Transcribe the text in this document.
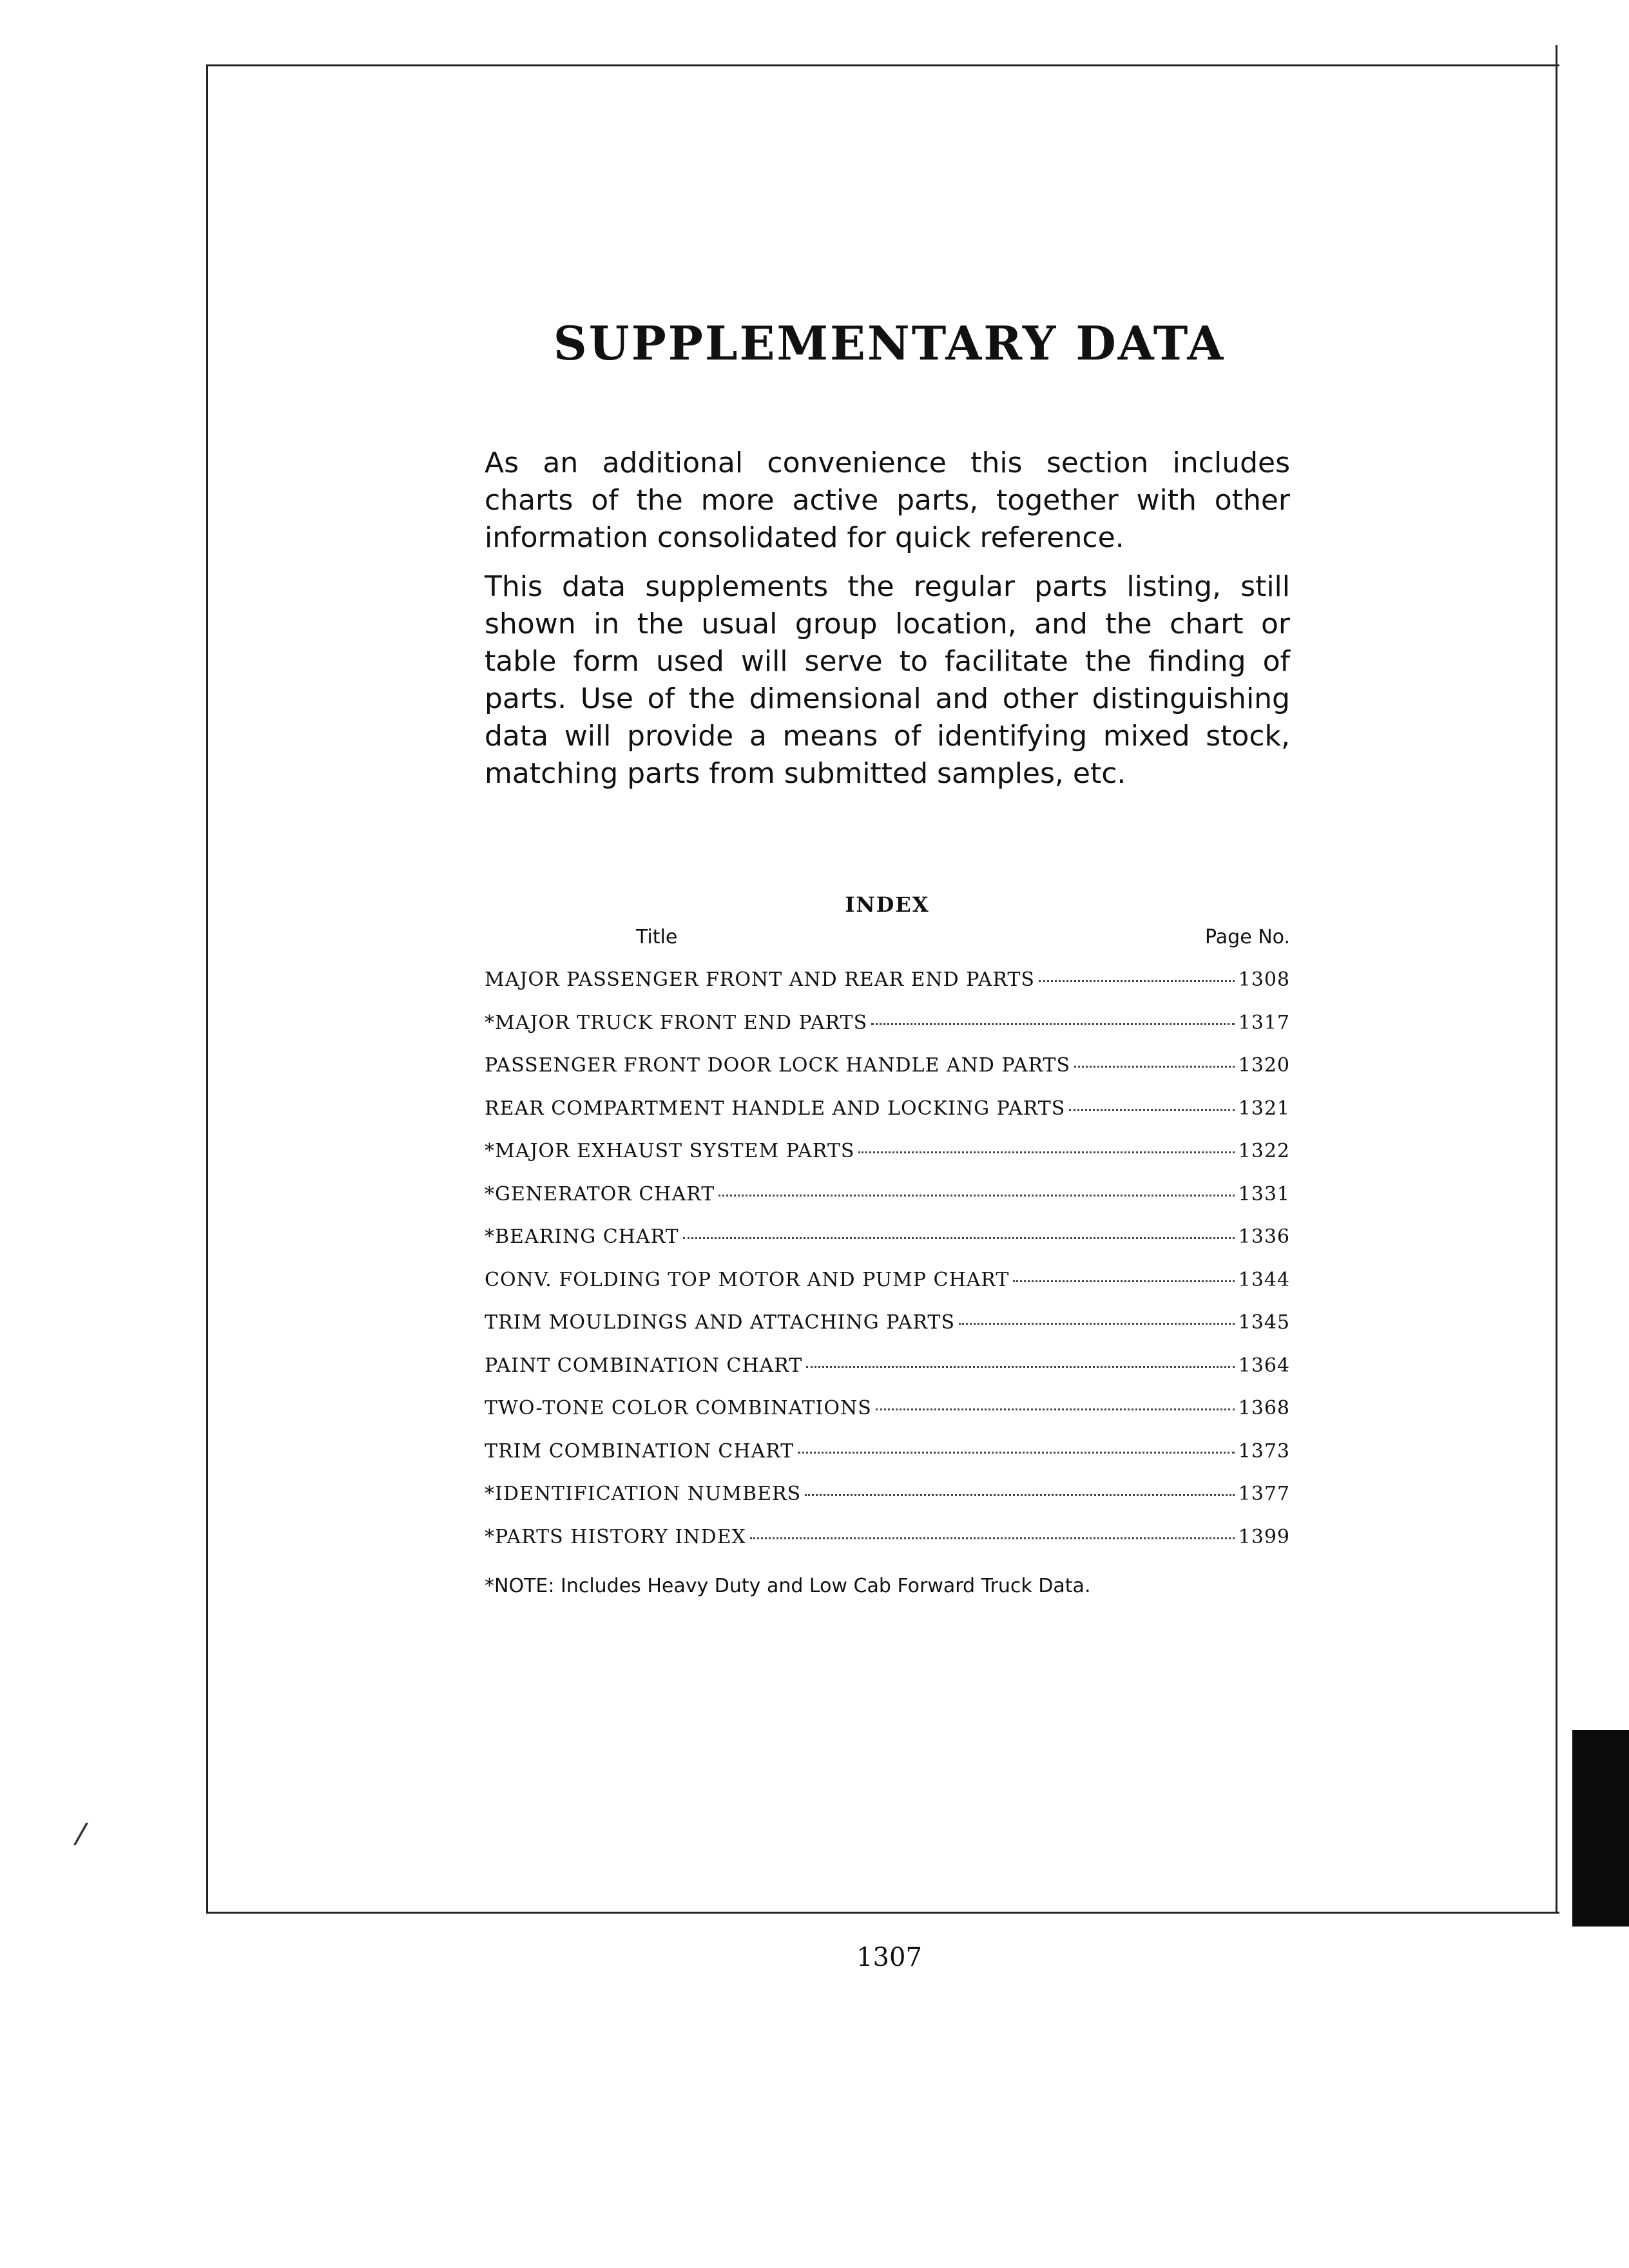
/
SUPPLEMENTARY DATA

As an additional convenience this section includes charts of the more active parts, together with other information consolidated for quick reference.

This data supplements the regular parts listing, still shown in the usual group location, and the chart or table form used will serve to facilitate the finding of parts. Use of the dimensional and other distinguishing data will provide a means of identifying mixed stock, matching parts from submitted samples, etc.

INDEX
Title	Page No.
MAJOR PASSENGER FRONT AND REAR END PARTS	1308
*MAJOR TRUCK FRONT END PARTS	1317
PASSENGER FRONT DOOR LOCK HANDLE AND PARTS	1320
REAR COMPARTMENT HANDLE AND LOCKING PARTS	1321
*MAJOR EXHAUST SYSTEM PARTS	1322
*GENERATOR CHART	1331
*BEARING CHART	1336
CONV. FOLDING TOP MOTOR AND PUMP CHART	1344
TRIM MOULDINGS AND ATTACHING PARTS	1345
PAINT COMBINATION CHART	1364
TWO-TONE COLOR COMBINATIONS	1368
TRIM COMBINATION CHART	1373
*IDENTIFICATION NUMBERS	1377
*PARTS HISTORY INDEX	1399

*NOTE: Includes Heavy Duty and Low Cab Forward Truck Data.

1307
